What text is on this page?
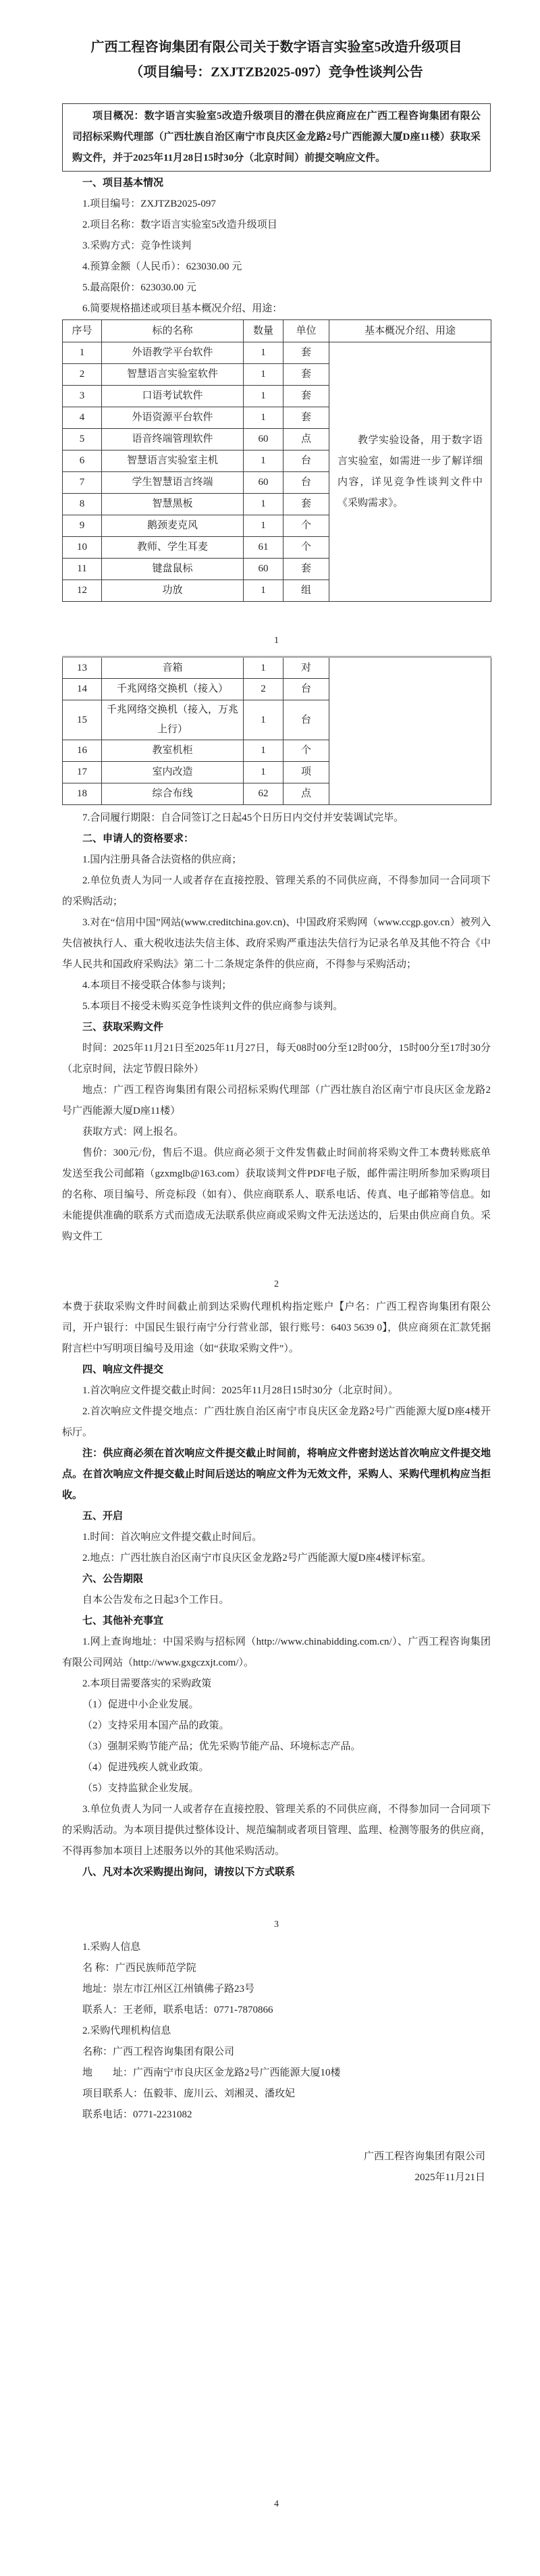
广西工程咨询集团有限公司关于数字语言实验室5改造升级项目
（项目编号：ZXJTZB2025-097）竞争性谈判公告

项目概况：数字语言实验室5改造升级项目的潜在供应商应在广西工程咨询集团有限公司招标采购代理部（广西壮族自治区南宁市良庆区金龙路2号广西能源大厦D座11楼）获取采购文件，并于2025年11月28日15时30分（北京时间）前提交响应文件。

一、项目基本情况

1.项目编号：ZXJTZB2025-097

2.项目名称：数字语言实验室5改造升级项目

3.采购方式：竞争性谈判

4.预算金额（人民币）：623030.00 元

5.最高限价：623030.00 元

6.简要规格描述或项目基本概况介绍、用途：

序号	标的名称	数量	单位	基本概况介绍、用途
1	外语教学平台软件	1	套	教学实验设备，用于数字语言实验室，如需进一步了解详细内容，详见竞争性谈判文件中《采购需求》。

2	智慧语言实验室软件	1	套	
3	口语考试软件	1	套	
4	外语资源平台软件	1	套	
5	语音终端管理软件	60	点	
6	智慧语言实验室主机	1	台	
7	学生智慧语言终端	60	台	
8	智慧黑板	1	套	
9	鹅颈麦克风	1	个	
10	教师、学生耳麦	61	个	
11	键盘鼠标	60	套	
12	功放	1	组	

1

13	音箱	1	对	
14	千兆网络交换机（接入）	2	台	
15	千兆网络交换机（接入，万兆上行）	1	台	
16	教室机柜	1	个	
17	室内改造	1	项	
18	综合布线	62	点	

7.合同履行期限：自合同签订之日起45个日历日内交付并安装调试完毕。

二、申请人的资格要求：

1.国内注册具备合法资格的供应商；

2.单位负责人为同一人或者存在直接控股、管理关系的不同供应商，不得参加同一合同项下的采购活动；

3.对在“信用中国”网站(www.creditchina.gov.cn)、中国政府采购网（www.ccgp.gov.cn）被列入失信被执行人、重大税收违法失信主体、政府采购严重违法失信行为记录名单及其他不符合《中华人民共和国政府采购法》第二十二条规定条件的供应商，不得参与采购活动；

4.本项目不接受联合体参与谈判；

5.本项目不接受未购买竞争性谈判文件的供应商参与谈判。

三、获取采购文件

时间：2025年11月21日至2025年11月27日，每天08时00分至12时00分，15时00分至17时30分（北京时间，法定节假日除外）

地点：广西工程咨询集团有限公司招标采购代理部（广西壮族自治区南宁市良庆区金龙路2号广西能源大厦D座11楼）

获取方式：网上报名。

售价：300元/份，售后不退。供应商必须于文件发售截止时间前将采购文件工本费转账底单发送至我公司邮箱（gzxmglb@163.com）获取谈判文件PDF电子版，邮件需注明所参加采购项目的名称、项目编号、所竞标段（如有）、供应商联系人、联系电话、传真、电子邮箱等信息。如未能提供准确的联系方式而造成无法联系供应商或采购文件无法送达的，后果由供应商自负。采购文件工

2

本费于获取采购文件时间截止前到达采购代理机构指定账户【户名：广西工程咨询集团有限公司，开户银行：中国民生银行南宁分行营业部，银行账号：6403 5639 0】，供应商须在汇款凭据附言栏中写明项目编号及用途（如“获取采购文件”）。

四、响应文件提交

1.首次响应文件提交截止时间：2025年11月28日15时30分（北京时间）。

2.首次响应文件提交地点：广西壮族自治区南宁市良庆区金龙路2号广西能源大厦D座4楼开标厅。

注：供应商必须在首次响应文件提交截止时间前，将响应文件密封送达首次响应文件提交地点。在首次响应文件提交截止时间后送达的响应文件为无效文件，采购人、采购代理机构应当拒收。

五、开启

1.时间：首次响应文件提交截止时间后。

2.地点：广西壮族自治区南宁市良庆区金龙路2号广西能源大厦D座4楼评标室。

六、公告期限

自本公告发布之日起3个工作日。

七、其他补充事宜

1.网上查询地址：中国采购与招标网（http://www.chinabidding.com.cn/）、广西工程咨询集团有限公司网站（http://www.gxgczxjt.com/）。

2.本项目需要落实的采购政策

（1）促进中小企业发展。

（2）支持采用本国产品的政策。

（3）强制采购节能产品；优先采购节能产品、环境标志产品。

（4）促进残疾人就业政策。

（5）支持监狱企业发展。

3.单位负责人为同一人或者存在直接控股、管理关系的不同供应商，不得参加同一合同项下的采购活动。为本项目提供过整体设计、规范编制或者项目管理、监理、检测等服务的供应商，不得再参加本项目上述服务以外的其他采购活动。

八、凡对本次采购提出询问，请按以下方式联系

3

1.采购人信息

名 称：广西民族师范学院

地址：崇左市江州区江州镇佛子路23号

联系人：王老师，联系电话：0771-7870866

2.采购代理机构信息

名称：广西工程咨询集团有限公司

地　　址：广西南宁市良庆区金龙路2号广西能源大厦10楼

项目联系人：伍毅菲、庞川云、刘湘灵、潘玫妃

联系电话：0771-2231082

广西工程咨询集团有限公司

2025年11月21日

4
